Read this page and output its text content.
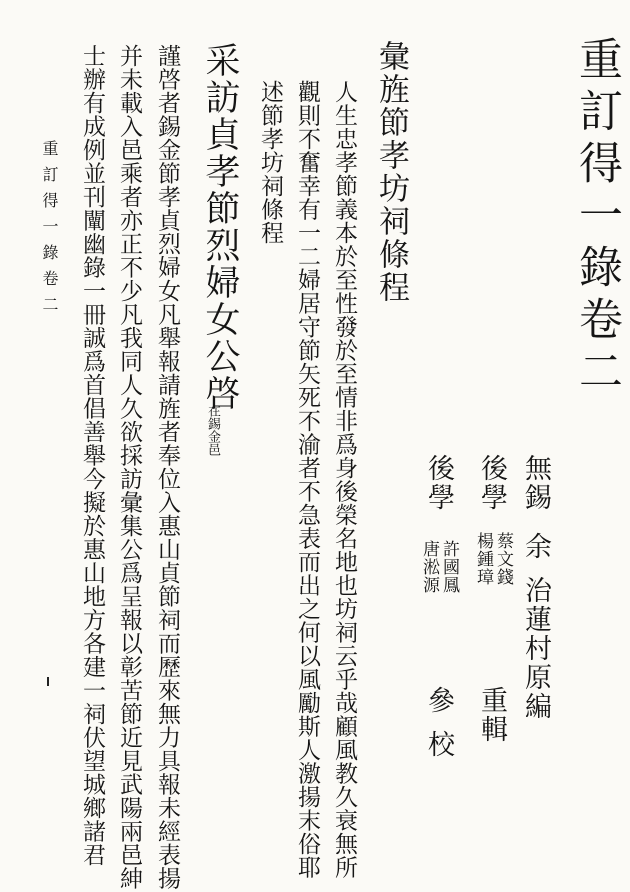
重訂得一錄卷二
無錫
余
治蓮村原編
後學
蔡文錢
楊鍾璋
重輯
後學
許國鳳
唐淞源
參
校
彙旌節孝坊祠條程
人生忠孝節義本於至性發於至情非爲身後榮名地也坊祠云乎哉顧風教久衰無所
觀則不奮幸有一二婦居守節矢死不渝者不急表而出之何以風勵斯人激揚末俗耶
述節孝坊祠條程
采訪貞孝節烈婦女公啓
在錫金邑
謹啓者錫金節孝貞烈婦女凡舉報請旌者奉位入惠山貞節祠而歷來無力具報未經表揚
并未載入邑乘者亦正不少凡我同人久欲採訪彙集公爲呈報以彰苦節近見武陽兩邑紳
士辦有成例並刊闡幽錄一冊誠爲首倡善舉今擬於惠山地方各建一祠伏望城鄉諸君
重訂得一錄卷二
